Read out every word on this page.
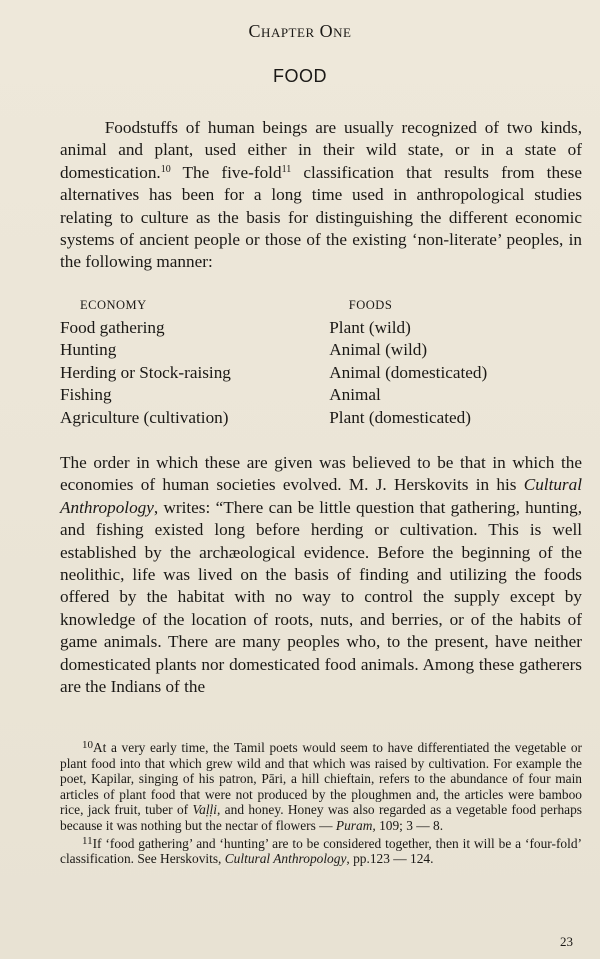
Chapter One
FOOD

Foodstuffs of human beings are usually recognized of two kinds, animal and plant, used either in their wild state, or in a state of domestication.$^{10}$ The five-fold$^{11}$ classification that results from these alternatives has been for a long time used in anthropological studies relating to culture as the basis for distinguishing the different economic systems of ancient people or those of the existing ‘non-literate’ peoples, in the following manner:

ECONOMY	FOODS
Food gathering	Plant (wild)
Hunting	Animal (wild)
Herding or Stock-raising	Animal (domesticated)
Fishing	Animal
Agriculture (cultivation)	Plant (domesticated)

The order in which these are given was believed to be that in which the economies of human societies evolved. M. J. Herskovits in his Cultural Anthropology, writes: “There can be little question that gathering, hunting, and fishing existed long before herding or cultivation. This is well established by the archæological evidence. Before the beginning of the neolithic, life was lived on the basis of finding and utilizing the foods offered by the habitat with no way to control the supply except by knowledge of the location of roots, nuts, and berries, or of the habits of game animals. There are many peoples who, to the present, have neither domesticated plants nor domesticated food animals. Among these gatherers are the Indians of the

$^{10}$At a very early time, the Tamil poets would seem to have differentiated the vegetable or plant food into that which grew wild and that which was raised by cultivation. For example the poet, Kapilar, singing of his patron, Pāri, a hill chieftain, refers to the abundance of four main articles of plant food that were not produced by the ploughmen and, the articles were bamboo rice, jack fruit, tuber of Vaḷḷi, and honey. Honey was also regarded as a vegetable food perhaps because it was nothing but the nectar of flowers — Puram, 109; 3 — 8.

$^{11}$If ‘food gathering’ and ‘hunting’ are to be considered together, then it will be a ‘four-fold’ classification. See Herskovits, Cultural Anthropology, pp.123 — 124.

23
